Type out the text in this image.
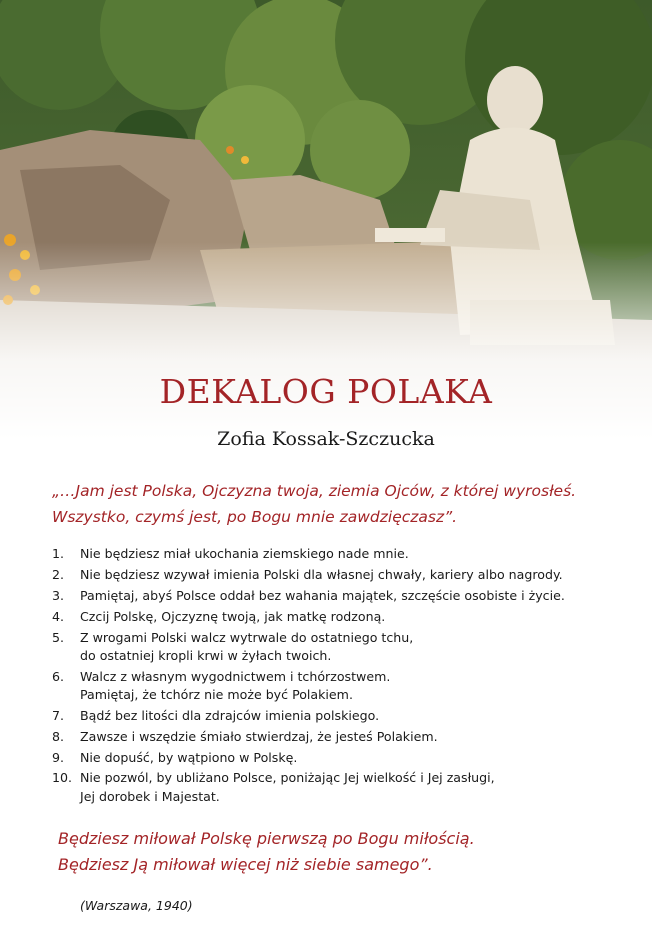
DEKALOG POLAKA
Zofia Kossak-Szczucka
„…Jam jest Polska, Ojczyzna twoja, ziemia Ojców, z której wyrosłeś.
Wszystko, czymś jest, po Bogu mnie zawdzięczasz”.
1.	Nie będziesz miał ukochania ziemskiego nade mnie.
2.	Nie będziesz wzywał imienia Polski dla własnej chwały, kariery albo nagrody.
3.	Pamiętaj, abyś Polsce oddał bez wahania majątek, szczęście osobiste i życie.
4.	Czcij Polskę, Ojczyznę twoją, jak matkę rodzoną.
5.	Z wrogami Polski walcz wytrwale do ostatniego tchu,
do ostatniej kropli krwi w żyłach twoich.
6.	Walcz z własnym wygodnictwem i tchórzostwem.
Pamiętaj, że tchórz nie może być Polakiem.
7.	Bądź bez litości dla zdrajców imienia polskiego.
8.	Zawsze i wszędzie śmiało stwierdzaj, że jesteś Polakiem.
9.	Nie dopuść, by wątpiono w Polskę.
10. Nie pozwól, by ubliżano Polsce, poniżając Jej wielkość i Jej zasługi,
Jej dorobek i Majestat.
Będziesz miłował Polskę pierwszą po Bogu miłością.
Będziesz Ją miłował więcej niż siebie samego”.
(Warszawa, 1940)
